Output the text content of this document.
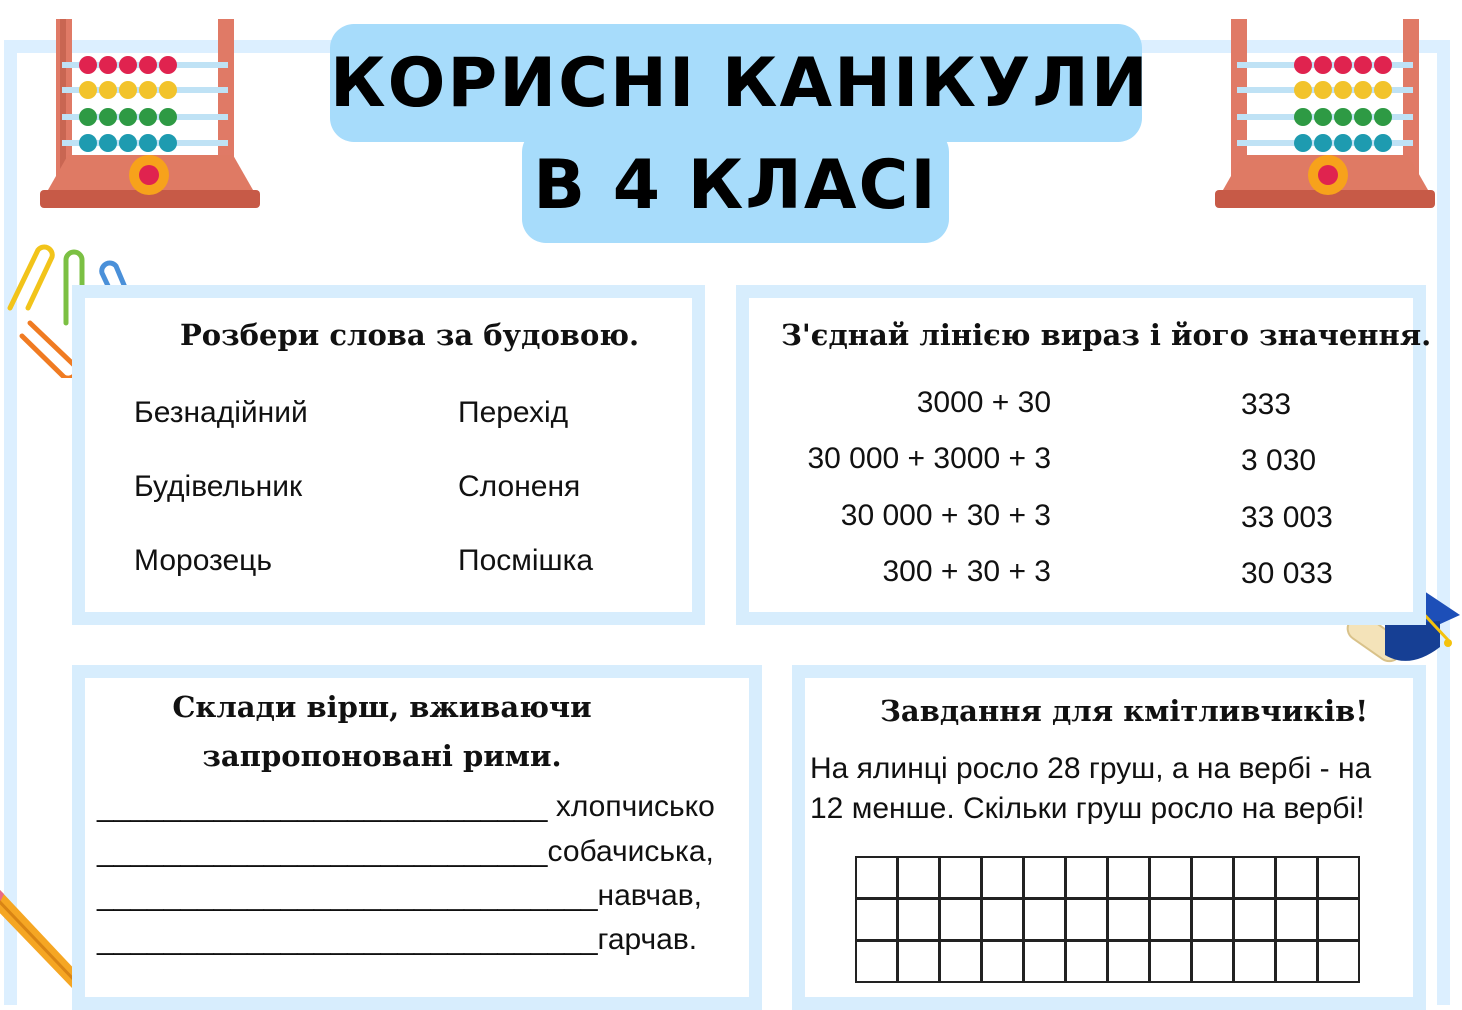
КОРИСНІ КАНІКУЛИ
В 4 КЛАСІ
Розбери слова за будовою.
Безнадійний
Будівельник
Морозець
Перехід
Слоненя
Посмішка
З'єднай лінією вираз і його значення.
3000 + 30
30 000 + 3000 + 3
30 000 + 30 + 3
300 + 30 + 3
333
3 030
33 003
30 033
Склади вірш, вживаючи
запропоновані рими.
___________________________ хлопчисько
___________________________собачиська,
______________________________навчав,
______________________________гарчав.
Завдання для кмітливчиків!
На ялинці росло 28 груш, а на вербі - на
12 менше. Скільки груш росло на вербі!
